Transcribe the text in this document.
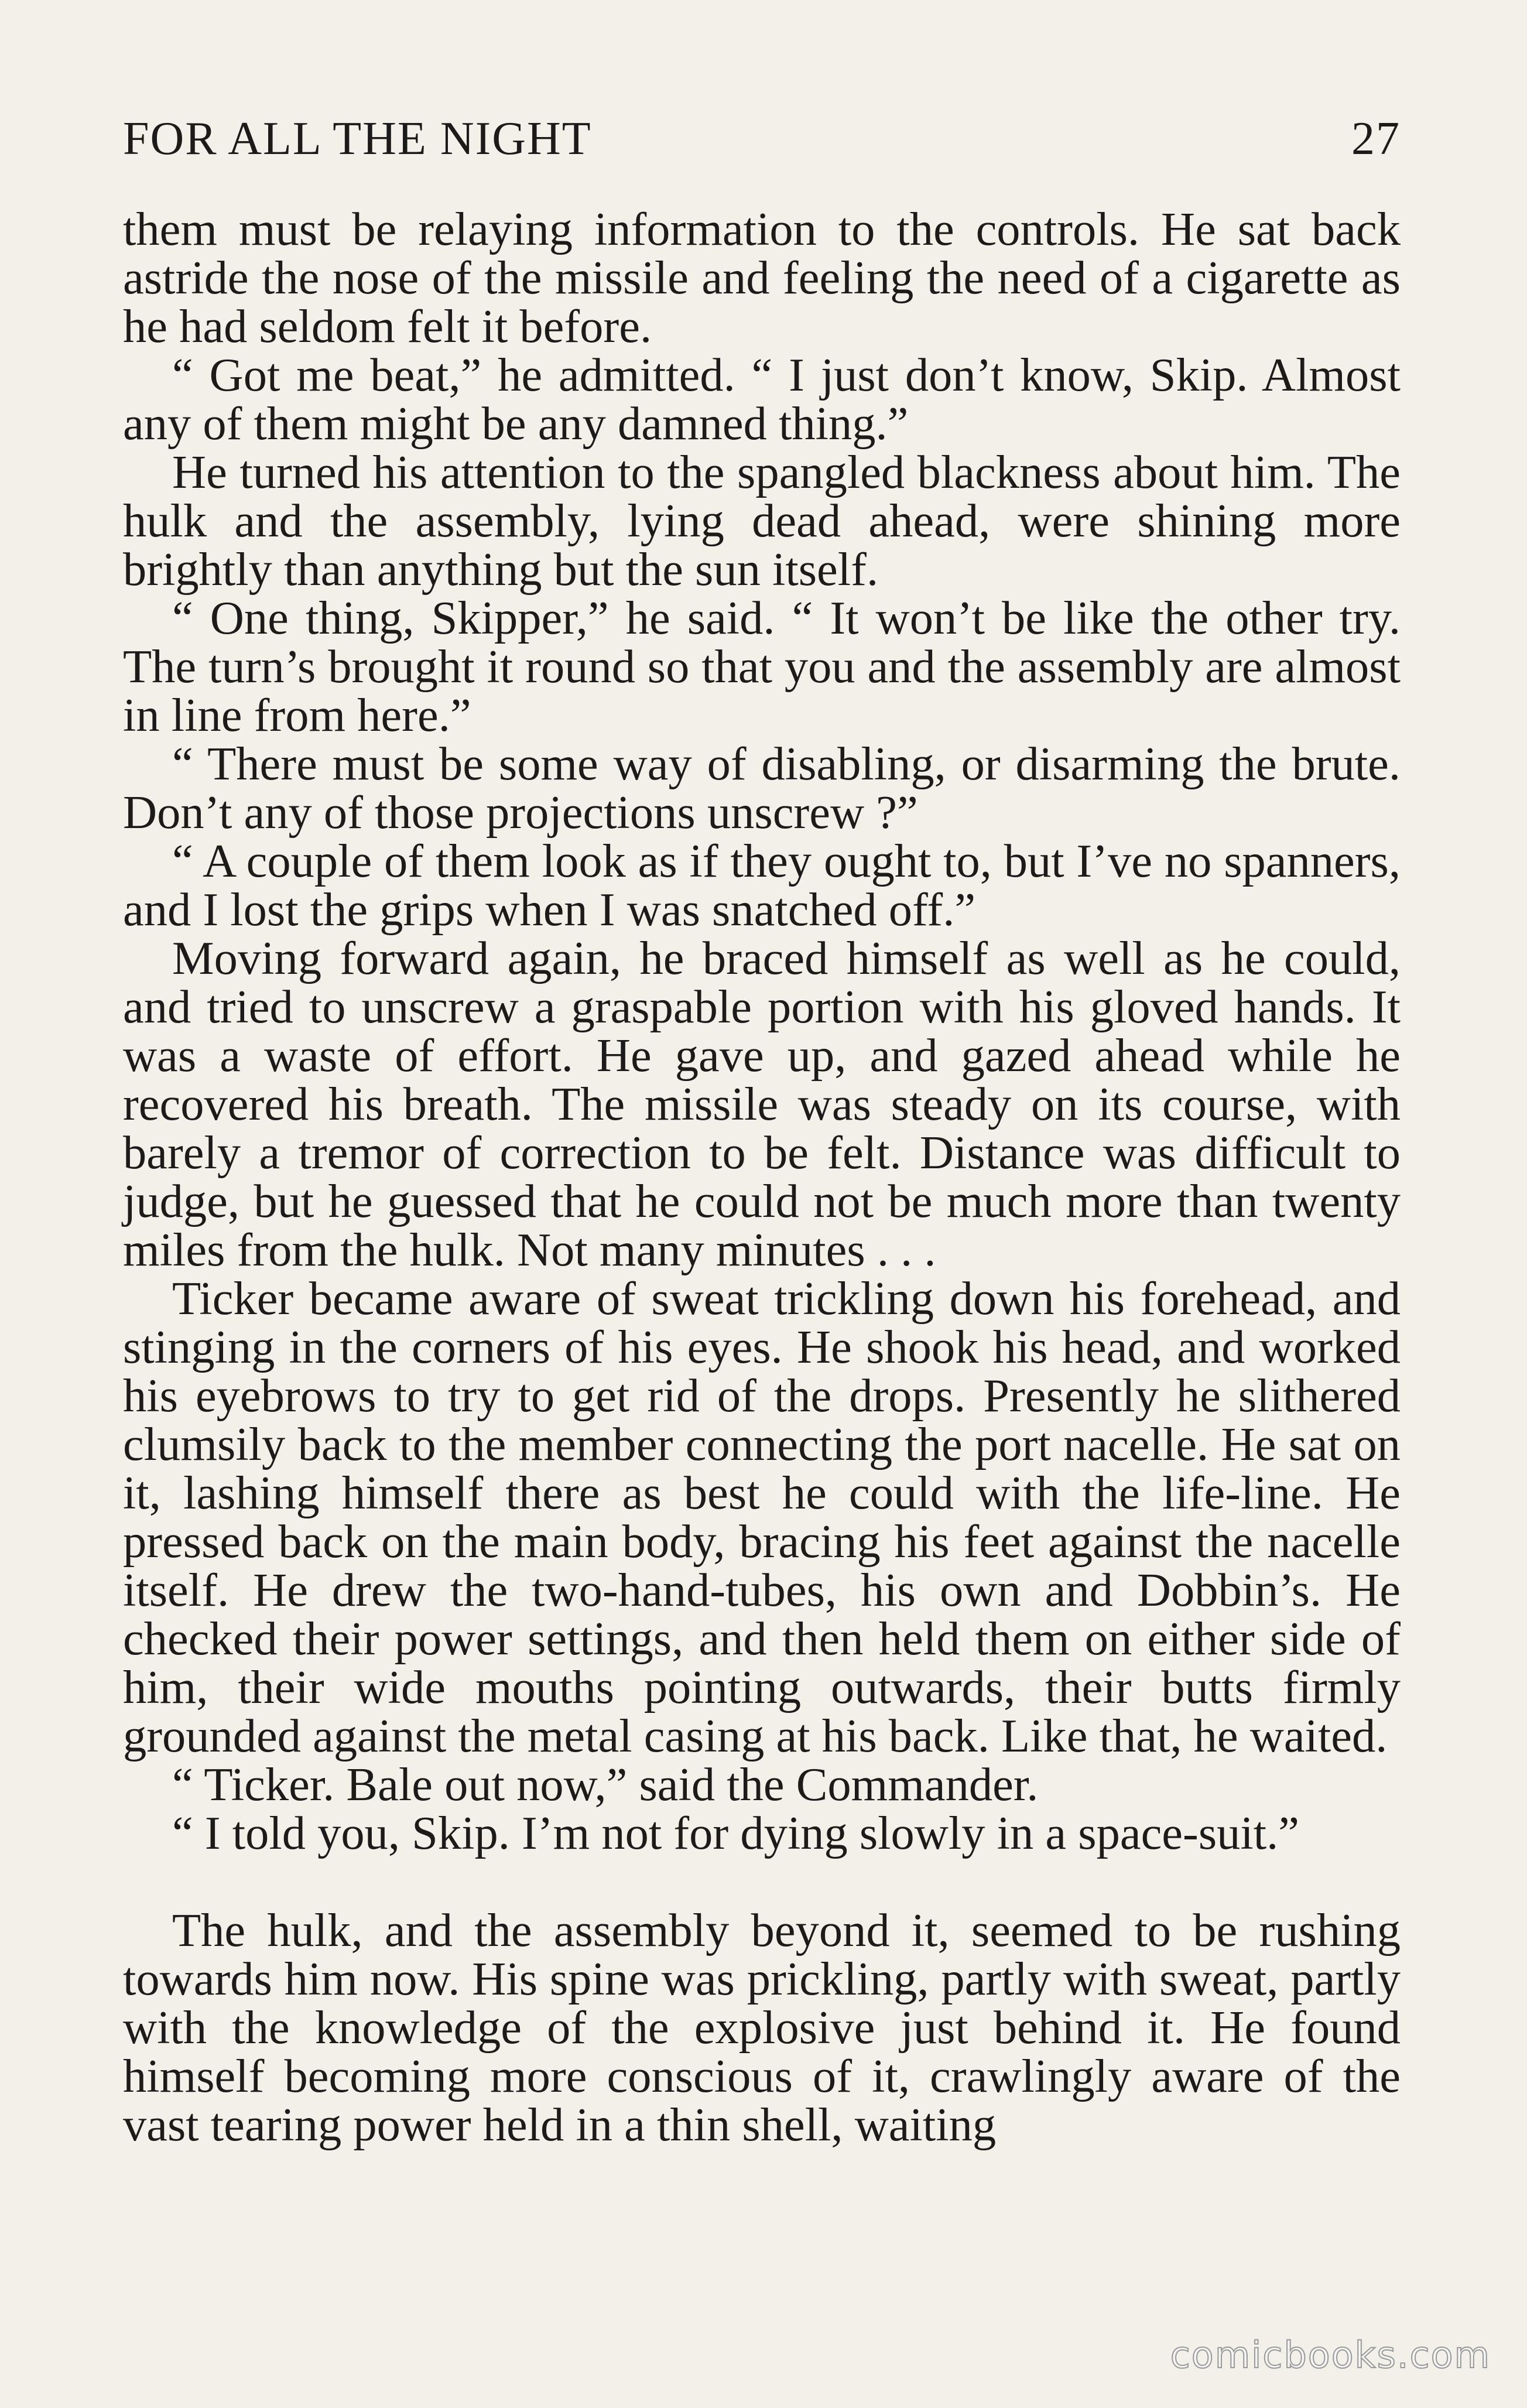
FOR ALL THE NIGHT	27

them must be relaying information to the controls. He sat back astride the nose of the missile and feeling the need of a cigarette as he had seldom felt it before.

“ Got me beat,” he admitted. “ I just don’t know, Skip. Almost any of them might be any damned thing.”

He turned his attention to the spangled blackness about him. The hulk and the assembly, lying dead ahead, were shining more brightly than anything but the sun itself.

“ One thing, Skipper,” he said. “ It won’t be like the other try. The turn’s brought it round so that you and the assembly are almost in line from here.”

“ There must be some way of disabling, or disarming the brute. Don’t any of those projections unscrew ?”

“ A couple of them look as if they ought to, but I’ve no spanners, and I lost the grips when I was snatched off.”

Moving forward again, he braced himself as well as he could, and tried to unscrew a graspable portion with his gloved hands. It was a waste of effort. He gave up, and gazed ahead while he recovered his breath. The missile was steady on its course, with barely a tremor of correction to be felt. Distance was difficult to judge, but he guessed that he could not be much more than twenty miles from the hulk. Not many minutes . . .

Ticker became aware of sweat trickling down his forehead, and stinging in the corners of his eyes. He shook his head, and worked his eyebrows to try to get rid of the drops. Presently he slithered clumsily back to the member connecting the port nacelle. He sat on it, lashing himself there as best he could with the life-line. He pressed back on the main body, bracing his feet against the nacelle itself. He drew the two-hand-tubes, his own and Dobbin’s. He checked their power settings, and then held them on either side of him, their wide mouths pointing outwards, their butts firmly grounded against the metal casing at his back. Like that, he waited.

“ Ticker. Bale out now,” said the Commander.

“ I told you, Skip. I’m not for dying slowly in a space-suit.”

The hulk, and the assembly beyond it, seemed to be rushing towards him now. His spine was prickling, partly with sweat, partly with the knowledge of the explosive just behind it. He found himself becoming more conscious of it, crawlingly aware of the vast tearing power held in a thin shell, waiting

comicbooks.com
